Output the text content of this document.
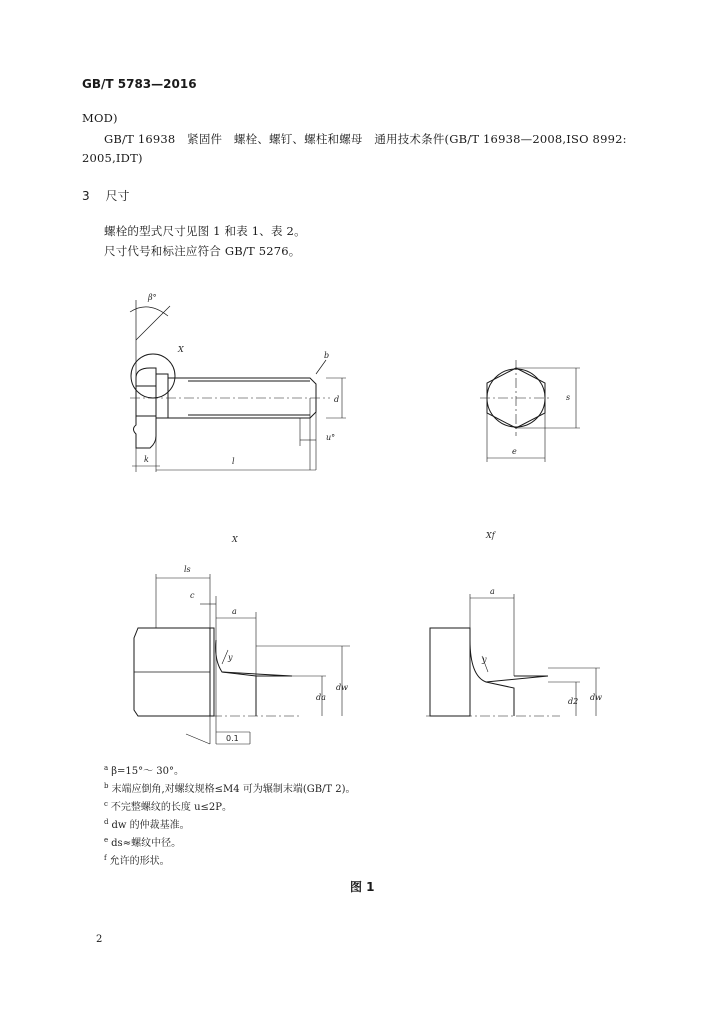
GB/T 5783—2016
MOD)
GB/T 16938　紧固件　螺栓、螺钉、螺柱和螺母　通用技术条件(GB/T 16938—2008,ISO 8992:
2005,IDT)
3 尺寸
螺栓的型式尺寸见图 1 和表 1、表 2。
尺寸代号和标注应符合 GB/T 5276。
β°
X
b
d
u°
k	l
s
e
X	Xf
ls
c
a
y
da
dw
0.1
a
y
d2 dw
$^a$ β=15°～ 30°。
$^b$ 末端应倒角,对螺纹规格≤M4 可为辗制末端(GB/T 2)。
$^c$ 不完整螺纹的长度 u≤2P。
$^d$ dw 的仲裁基准。
$^e$ ds≈螺纹中径。
$^f$ 允许的形状。
图 1
2
